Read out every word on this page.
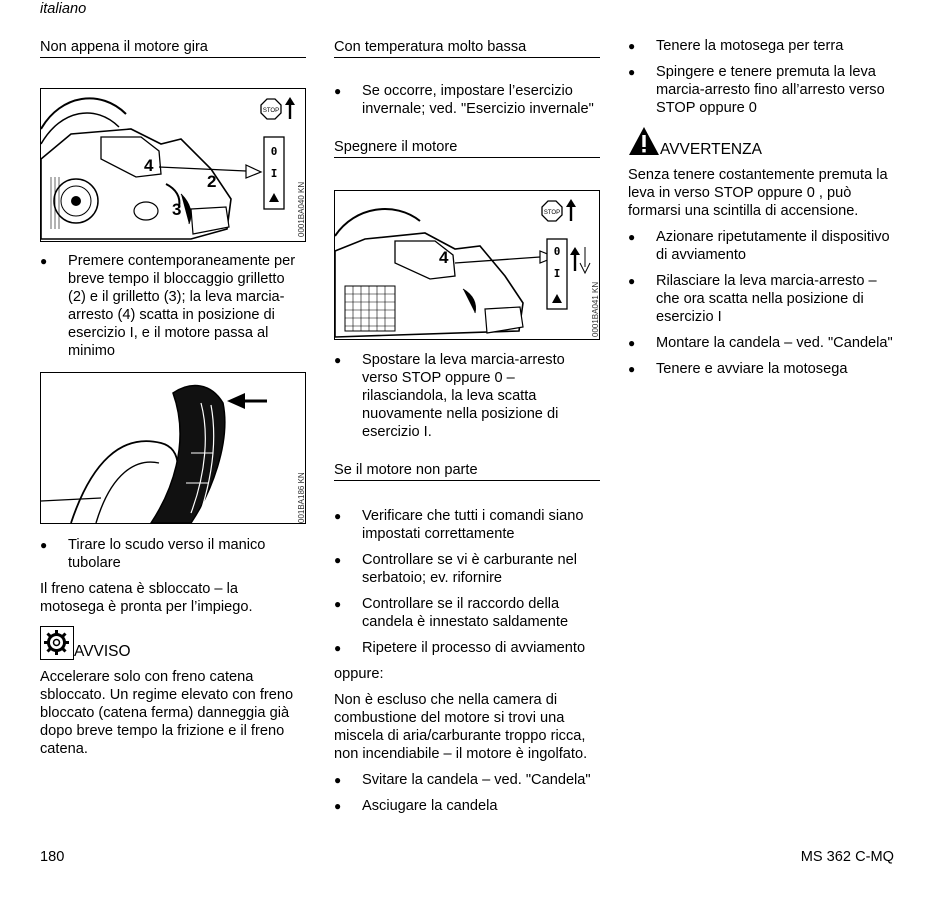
italiano
Non appena il motore gira
0
I
STOP
4
2
3	0001BA040 KN
● Premere contemporaneamente per breve tempo il bloccaggio grilletto (2) e il grilletto (3); la leva marcia-arresto (4) scatta in posizione di esercizio I, e il motore passa al minimo
001BA186 KN
● Tirare lo scudo verso il manico tubolare
Il freno catena è sbloccato – la motosega è pronta per l’impiego.
AVVISO
Accelerare solo con freno catena sbloccato. Un regime elevato con freno bloccato (catena ferma) danneggia già dopo breve tempo la frizione e il freno catena.
Con temperatura molto bassa
● Se occorre, impostare l’esercizio invernale; ved. "Esercizio invernale"
Spegnere il motore
0
I
STOP
4
0001BA041 KN
● Spostare la leva marcia-arresto verso STOP oppure 0 – rilasciandola, la leva scatta nuovamente nella posizione di esercizio I.
Se il motore non parte
● Verificare che tutti i comandi siano impostati correttamente
● Controllare se vi è carburante nel serbatoio; ev. rifornire
● Controllare se il raccordo della candela è innestato saldamente
● Ripetere il processo di avviamento
oppure:
Non è escluso che nella camera di combustione del motore si trovi una miscela di aria/carburante troppo ricca, non incendiabile – il motore è ingolfato.
● Svitare la candela – ved. "Candela"
● Asciugare la candela
● Tenere la motosega per terra
● Spingere e tenere premuta la leva marcia-arresto fino all’arresto verso STOP oppure 0
AVVERTENZA
Senza tenere costantemente premuta la leva in verso STOP oppure 0 , può formarsi una scintilla di accensione.
● Azionare ripetutamente il dispositivo di avviamento
● Rilasciare la leva marcia-arresto – che ora scatta nella posizione di esercizio I
● Montare la candela – ved. "Candela"
● Tenere e avviare la motosega
180	MS 362 C-MQ
